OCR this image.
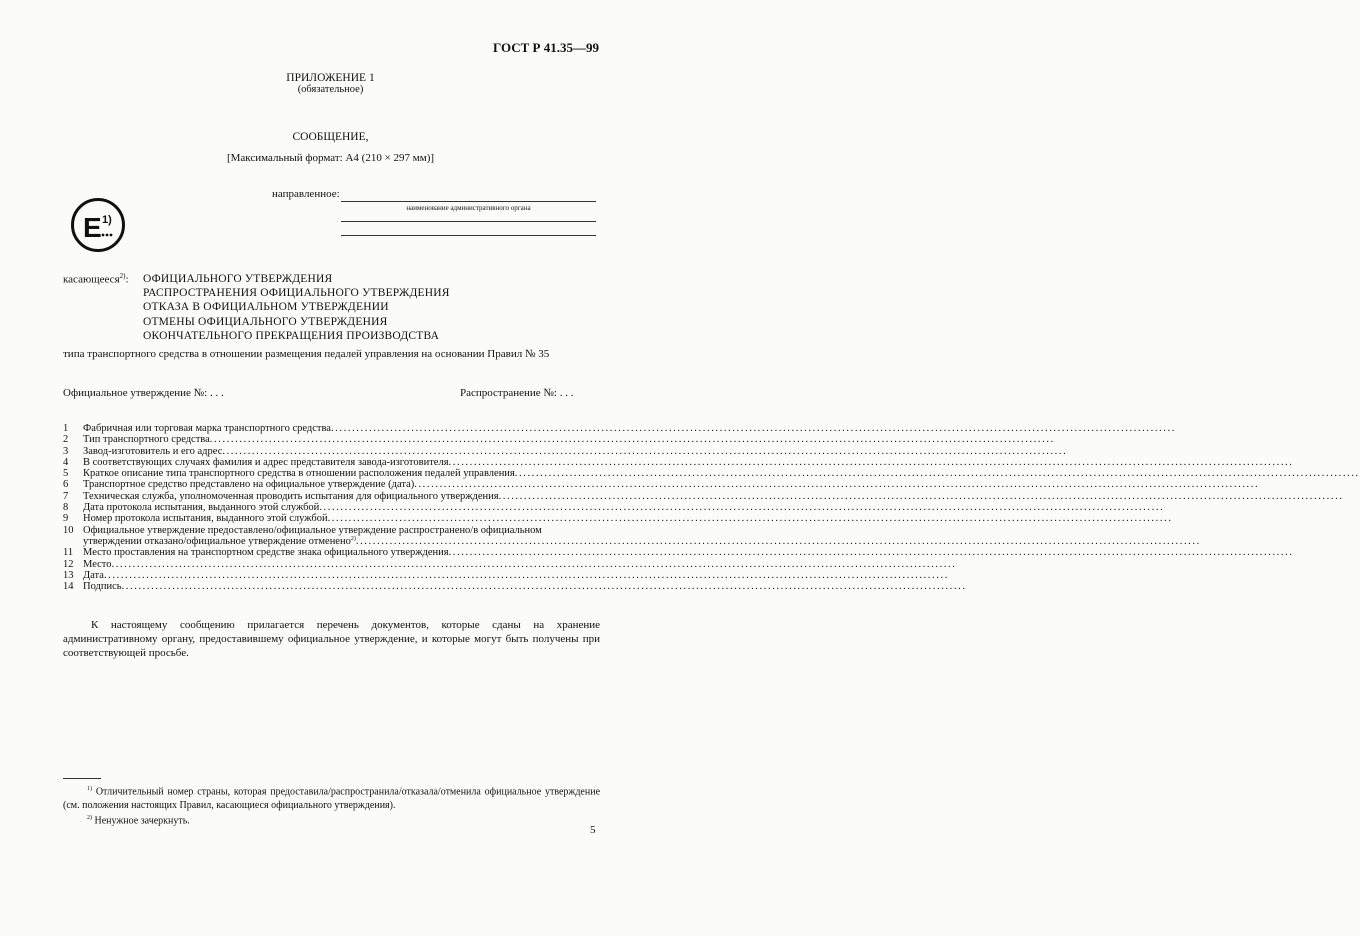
ГОСТ Р 41.35—99
ПРИЛОЖЕНИЕ 1
(обязательное)
СООБЩЕНИЕ,
[Максимальный формат: А4 (210 × 297 мм)]
E 1)
направленное:
наименование административного органа
касающееся$^{2)}$: ОФИЦИАЛЬНОГО УТВЕРЖДЕНИЯ
РАСПРОСТРАНЕНИЯ ОФИЦИАЛЬНОГО УТВЕРЖДЕНИЯ
ОТКАЗА В ОФИЦИАЛЬНОМ УТВЕРЖДЕНИИ
ОТМЕНЫ ОФИЦИАЛЬНОГО УТВЕРЖДЕНИЯ
ОКОНЧАТЕЛЬНОГО ПРЕКРАЩЕНИЯ ПРОИЗВОДСТВА
типа транспортного средства в отношении размещения педалей управления на основании Правил № 35
Официальное утверждение №: . . .	Распространение №: . . .
1	Фабричная или торговая марка транспортного средства ........................................................................................................................................................................................................
2	Тип транспортного средства ........................................................................................................................................................................................................
3	Завод-изготовитель и его адрес ........................................................................................................................................................................................................
4	В соответствующих случаях фамилия и адрес представителя завода-изготовителя ........................................................................................................................................................................................................
5	Краткое описание типа транспортного средства в отношении расположения педалей управления ........................................................................................................................................................................................................
6	Транспортное средство представлено на официальное утверждение (дата) ........................................................................................................................................................................................................
7	Техническая служба, уполномоченная проводить испытания для официального утверждения ........................................................................................................................................................................................................
8	Дата протокола испытания, выданного этой службой ........................................................................................................................................................................................................
9	Номер протокола испытания, выданного этой службой ........................................................................................................................................................................................................
10 Официальное утверждение предоставлено/официальное утверждение распространено/в официальном
утверждении отказано/официальное утверждение отменено$^{2)}$ ........................................................................................................................................................................................................
11 Место проставления на транспортном средстве знака официального утверждения ........................................................................................................................................................................................................
12 Место ........................................................................................................................................................................................................
13 Дата ........................................................................................................................................................................................................
14 Подпись ........................................................................................................................................................................................................
К настоящему сообщению прилагается перечень документов, которые сданы на хранение административному органу, предоставившему официальное утверждение, и которые могут быть получены при соответствующей просьбе.

$^{1)}$ Отличительный номер страны, которая предоставила/распространила/отказала/отменила официальное утверждение (см. положения настоящих Правил, касающиеся официального утверждения).

$^{2)}$ Ненужное зачеркнуть.

5
